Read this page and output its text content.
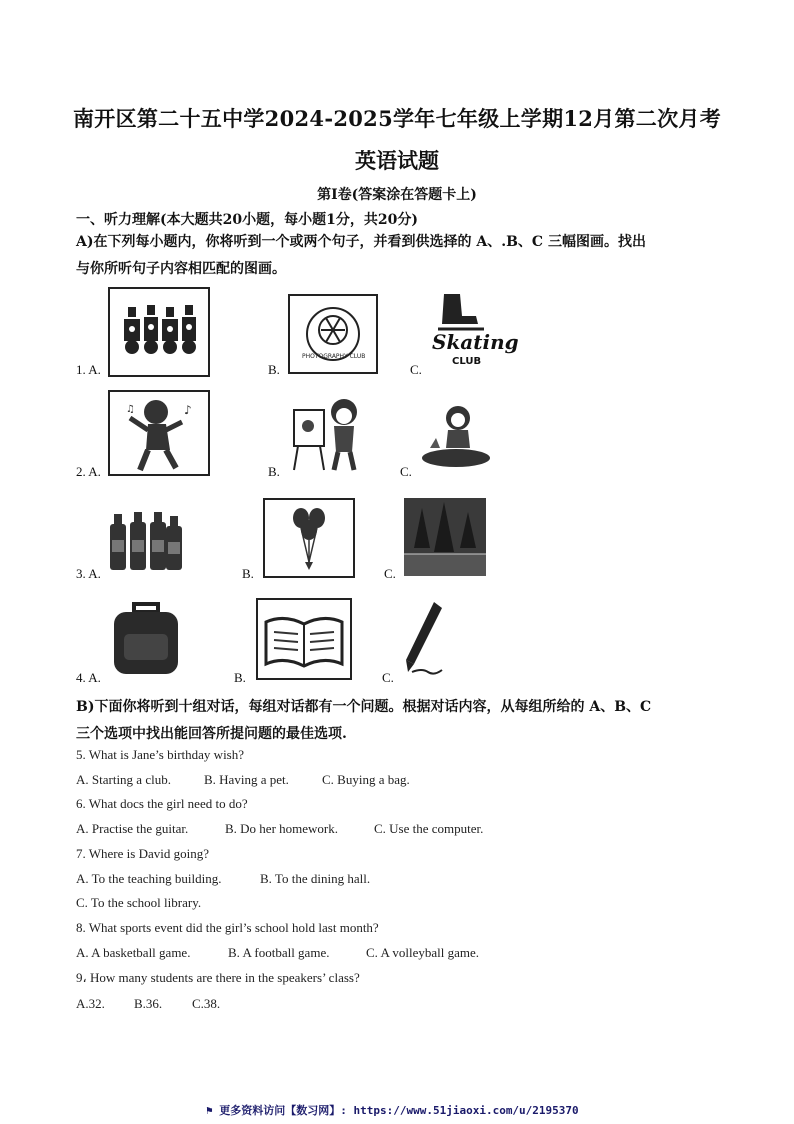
南开区第二十五中学2024-2025学年七年级上学期12月第二次月考
英语试题
第Ⅰ卷(答案涂在答题卡上)
一、听力理解(本大题共20小题，每小题1分，共20分)
A)在下列每小题内，你将听到一个或两个句子，并看到供选择的 A、.B、C 三幅图画。找出
与你所听句子内容相匹配的图画。
1. A.	B.
PHOTOGRAPHY CLUB
C.
Skating
CLUB
2. A.
♪
♫
B.	C.
3. A.	B.	C.
4. A.	B.	C.
B)下面你将听到十组对话，每组对话都有一个问题。根据对话内容，从每组所给的 A、B、C
三个选项中找出能回答所提问题的最佳选项.
5. What is Jane’s birthday wish?
A. Starting a club.	B. Having a pet.	C. Buying a bag.
6. What docs the girl need to do?
A. Practise the guitar.	B. Do her homework.	C. Use the computer.
7. Where is David going?
A. To the teaching building.	B. To the dining hall.
C. To the school library.
8. What sports event did the girl’s school hold last month?
A. A basketball game.	B. A football game.	C. A volleyball game.
9، How many students are there in the speakers’ class?
A.32. B.36. C.38.
⚑ 更多资料访问【数习网】: https://www.51jiaoxi.com/u/2195370
